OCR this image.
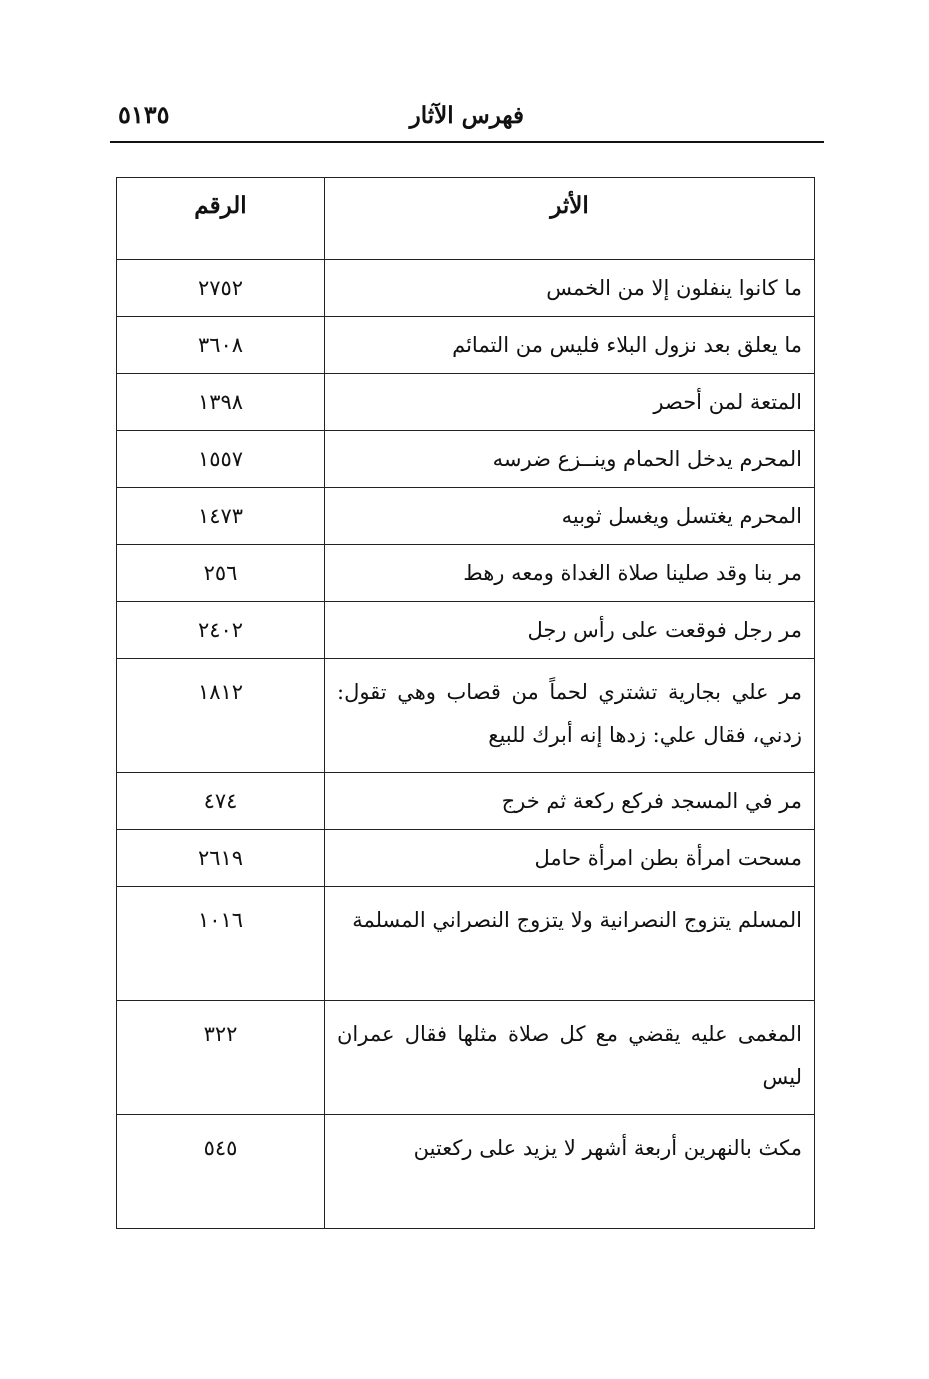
فهرس الآثار
٥١٣٥
الأثر	الرقم

ما كانوا ينفلون إلا من الخمس	٢٧٥٢

ما يعلق بعد نزول البلاء فليس من التمائم	٣٦٠٨

المتعة لمن أحصر	١٣٩٨

المحرم يدخل الحمام وينــزع ضرسه	١٥٥٧

المحرم يغتسل ويغسل ثوبيه	١٤٧٣

مر بنا وقد صلينا صلاة الغداة ومعه رهط	٢٥٦

مر رجل فوقعت على رأس رجل	٢٤٠٢

مر علي بجارية تشتري لحماً من قصاب وهي تقول: زدني، فقال علي: زدها إنه أبرك للبيع	١٨١٢

مر في المسجد فركع ركعة ثم خرج	٤٧٤

مسحت امرأة بطن امرأة حامل	٢٦١٩

المسلم يتزوج النصرانية ولا يتزوج النصراني المسلمة	١٠١٦

المغمى عليه يقضي مع كل صلاة مثلها فقال عمران ليس	٣٢٢

مكث بالنهرين أربعة أشهر لا يزيد على ركعتين	٥٤٥
